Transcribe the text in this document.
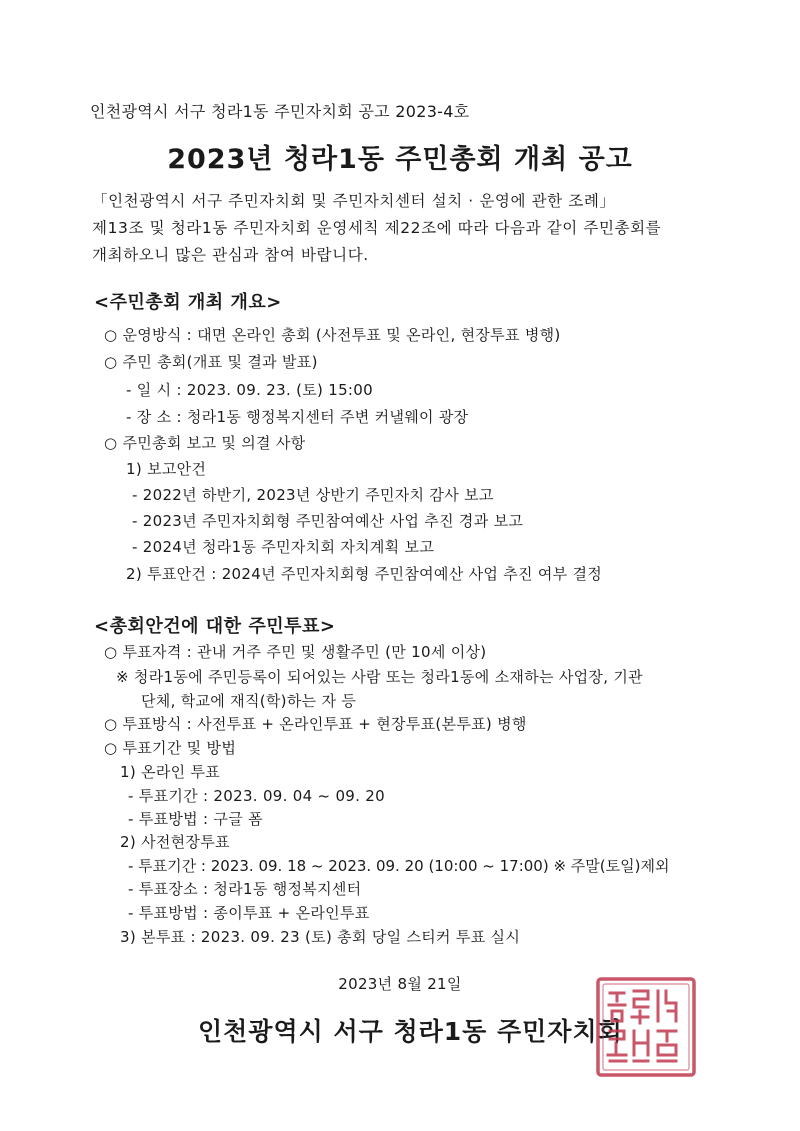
인천광역시 서구 청라1동 주민자치회 공고 2023-4호
2023년 청라1동 주민총회 개최 공고
「인천광역시 서구 주민자치회 및 주민자치센터 설치 · 운영에 관한 조례」
제13조 및 청라1동 주민자치회 운영세칙 제22조에 따라 다음과 같이 주민총회를
개최하오니 많은 관심과 참여 바랍니다.
<주민총회 개최 개요>
○ 운영방식 : 대면 온라인 총회 (사전투표 및 온라인, 현장투표 병행)
○ 주민 총회(개표 및 결과 발표)
- 일 시 : 2023. 09. 23. (토) 15:00
- 장 소 : 청라1동 행정복지센터 주변 커낼웨이 광장
○ 주민총회 보고 및 의결 사항
1) 보고안건
- 2022년 하반기, 2023년 상반기 주민자치 감사 보고
- 2023년 주민자치회형 주민참여예산 사업 추진 경과 보고
- 2024년 청라1동 주민자치회 자치계획 보고
2) 투표안건 : 2024년 주민자치회형 주민참여예산 사업 추진 여부 결정
<총회안건에 대한 주민투표>
○ 투표자격 : 관내 거주 주민 및 생활주민 (만 10세 이상)
※ 청라1동에 주민등록이 되어있는 사람 또는 청라1동에 소재하는 사업장, 기관
단체, 학교에 재직(학)하는 자 등
○ 투표방식 : 사전투표 + 온라인투표 + 현장투표(본투표) 병행
○ 투표기간 및 방법
1) 온라인 투표
- 투표기간 : 2023. 09. 04 ~ 09. 20
- 투표방법 : 구글 폼
2) 사전현장투표
- 투표기간 : 2023. 09. 18 ~ 2023. 09. 20 (10:00 ~ 17:00) ※ 주말(토일)제외
- 투표장소 : 청라1동 행정복지센터
- 투표방법 : 종이투표 + 온라인투표
3) 본투표 : 2023. 09. 23 (토) 총회 당일 스티커 투표 실시
2023년 8월 21일
인천광역시 서구 청라1동 주민자치회
